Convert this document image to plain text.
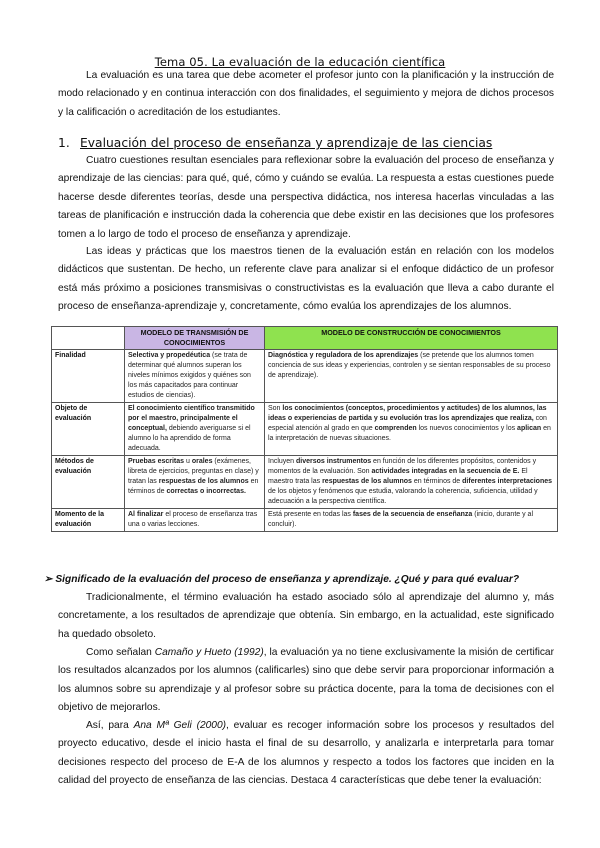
Tema 05. La evaluación de la educación científica

La evaluación es una tarea que debe acometer el profesor junto con la planificación y la instrucción de modo relacionado y en continua interacción con dos finalidades, el seguimiento y mejora de dichos procesos y la calificación o acreditación de los estudiantes.

1. Evaluación del proceso de enseñanza y aprendizaje de las ciencias

Cuatro cuestiones resultan esenciales para reflexionar sobre la evaluación del proceso de enseñanza y aprendizaje de las ciencias: para qué, qué, cómo y cuándo se evalúa. La respuesta a estas cuestiones puede hacerse desde diferentes teorías, desde una perspectiva didáctica, nos interesa hacerlas vinculadas a las tareas de planificación e instrucción dada la coherencia que debe existir en las decisiones que los profesores tomen a lo largo de todo el proceso de enseñanza y aprendizaje.

Las ideas y prácticas que los maestros tienen de la evaluación están en relación con los modelos didácticos que sustentan. De hecho, un referente clave para analizar si el enfoque didáctico de un profesor está más próximo a posiciones transmisivas o constructivistas es la evaluación que lleva a cabo durante el proceso de enseñanza-aprendizaje y, concretamente, cómo evalúa los aprendizajes de los alumnos.

	MODELO DE TRANSMISIÓN DE CONOCIMIENTOS	MODELO DE CONSTRUCCIÓN DE CONOCIMIENTOS
Finalidad	Selectiva y propedéutica (se trata de determinar qué alumnos superan los niveles mínimos exigidos y quiénes son los más capacitados para continuar estudios de ciencias).	Diagnóstica y reguladora de los aprendizajes (se pretende que los alumnos tomen conciencia de sus ideas y experiencias, controlen y se sientan responsables de su proceso de aprendizaje).
Objeto de evaluación	El conocimiento científico transmitido por el maestro, principalmente el conceptual, debiendo averiguarse si el alumno lo ha aprendido de forma adecuada.	Son los conocimientos (conceptos, procedimientos y actitudes) de los alumnos, las ideas o experiencias de partida y su evolución tras los aprendizajes que realiza, con especial atención al grado en que comprenden los nuevos conocimientos y los aplican en la interpretación de nuevas situaciones.
Métodos de evaluación	Pruebas escritas u orales (exámenes, libreta de ejercicios, preguntas en clase) y tratan las respuestas de los alumnos en términos de correctas o incorrectas.	Incluyen diversos instrumentos en función de los diferentes propósitos, contenidos y momentos de la evaluación. Son actividades integradas en la secuencia de E. El maestro trata las respuestas de los alumnos en términos de diferentes interpretaciones de los objetos y fenómenos que estudia, valorando la coherencia, suficiencia, utilidad y adecuación a la perspectiva científica.
Momento de la evaluación	Al finalizar el proceso de enseñanza tras una o varias lecciones.	Está presente en todas las fases de la secuencia de enseñanza (inicio, durante y al concluir).
➢ Significado de la evaluación del proceso de enseñanza y aprendizaje. ¿Qué y para qué evaluar?

Tradicionalmente, el término evaluación ha estado asociado sólo al aprendizaje del alumno y, más concretamente, a los resultados de aprendizaje que obtenía. Sin embargo, en la actualidad, este significado ha quedado obsoleto.

Como señalan Camaño y Hueto (1992), la evaluación ya no tiene exclusivamente la misión de certificar los resultados alcanzados por los alumnos (calificarles) sino que debe servir para proporcionar información a los alumnos sobre su aprendizaje y al profesor sobre su práctica docente, para la toma de decisiones con el objetivo de mejorarlos.

Así, para Ana Mª Geli (2000), evaluar es recoger información sobre los procesos y resultados del proyecto educativo, desde el inicio hasta el final de su desarrollo, y analizarla e interpretarla para tomar decisiones respecto del proceso de E-A de los alumnos y respecto a todos los factores que inciden en la calidad del proyecto de enseñanza de las ciencias. Destaca 4 características que debe tener la evaluación:
